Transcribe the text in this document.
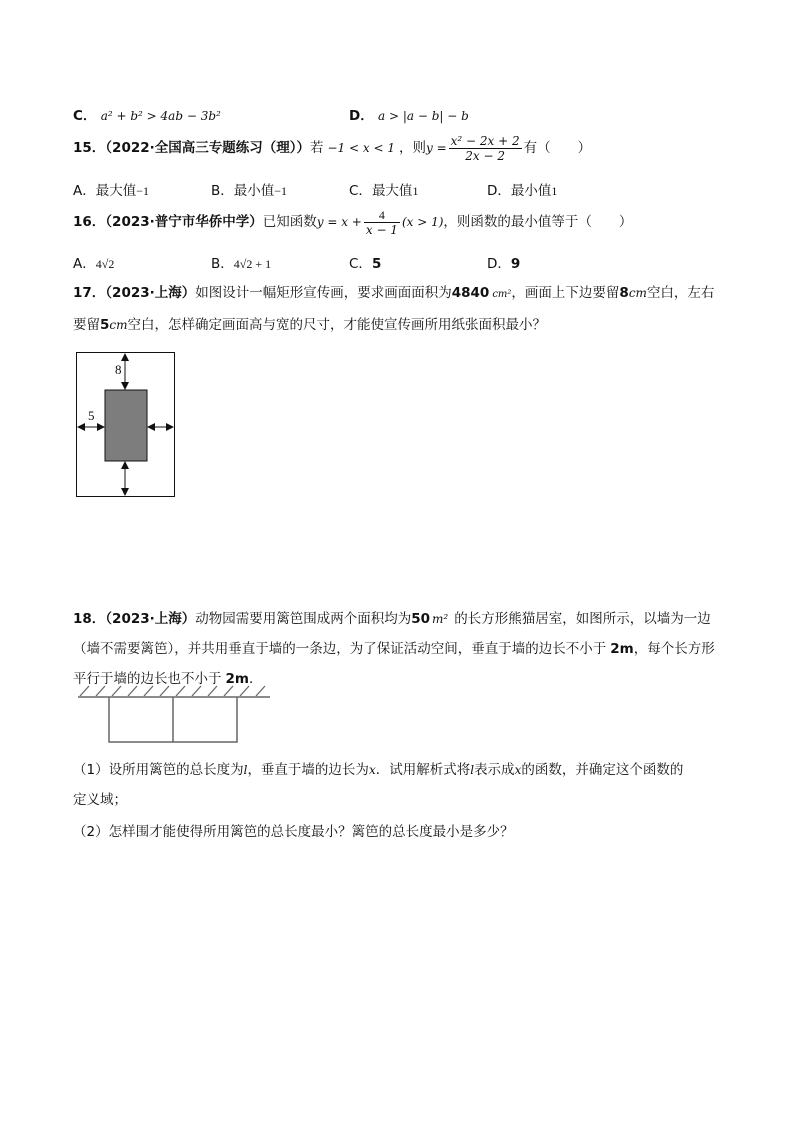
C． a² + b² > 4ab − 3b²	D． a > |a − b| − b
15．（2022·全国高三专题练习（理））若 −1 < x < 1 ，则$y = \frac{\text{x² − 2x + 2}}{2x - 2}$ 有（　　）
A．最大值−1	B．最小值−1	C．最大值1	D．最小值1
16．（2023·普宁市华侨中学）已知函数$y = x + \frac{4}{x - 1} (x > 1)$，则函数的最小值等于（　　）
A．4√2	B．4√2 + 1	C．5	D．9
17．（2023·上海）如图设计一幅矩形宣传画，要求画面面积为4840 cm²，画面上下边要留8cm空白，左右要留5cm空白，怎样确定画面高与宽的尺寸，才能使宣传画所用纸张面积最小？
8
5
18．（2023·上海）动物园需要用篱笆围成两个面积均为50 m² 的长方形熊猫居室，如图所示，以墙为一边（墙不需要篱笆），并共用垂直于墙的一条边，为了保证活动空间，垂直于墙的边长不小于 2m，每个长方形平行于墙的边长也不小于 2m．
（1）设所用篱笆的总长度为l，垂直于墙的边长为x．试用解析式将l表示成x的函数，并确定这个函数的
定义域；
（2）怎样围才能使得所用篱笆的总长度最小？篱笆的总长度最小是多少？
